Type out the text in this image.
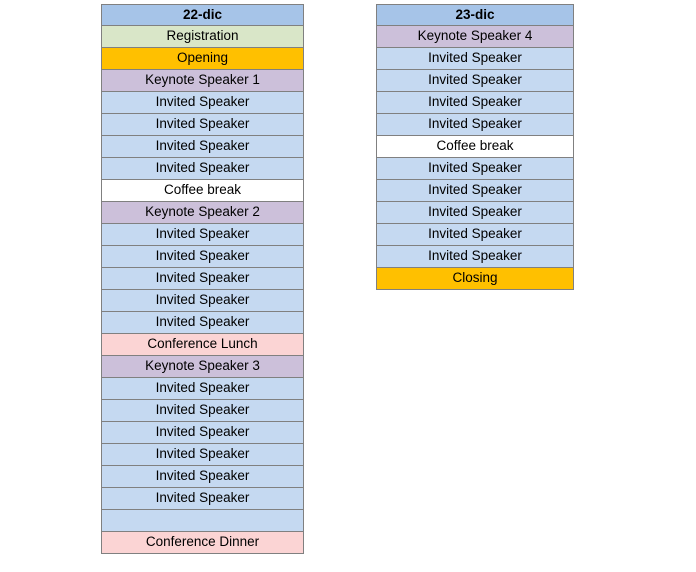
22-dic
Registration
Opening
Keynote Speaker 1
Invited Speaker
Invited Speaker
Invited Speaker
Invited Speaker
Coffee break
Keynote Speaker 2
Invited Speaker
Invited Speaker
Invited Speaker
Invited Speaker
Invited Speaker
Conference Lunch
Keynote Speaker 3
Invited Speaker
Invited Speaker
Invited Speaker
Invited Speaker
Invited Speaker
Invited Speaker
Conference Dinner
23-dic
Keynote Speaker 4
Invited Speaker
Invited Speaker
Invited Speaker
Invited Speaker
Coffee break
Invited Speaker
Invited Speaker
Invited Speaker
Invited Speaker
Invited Speaker
Closing
